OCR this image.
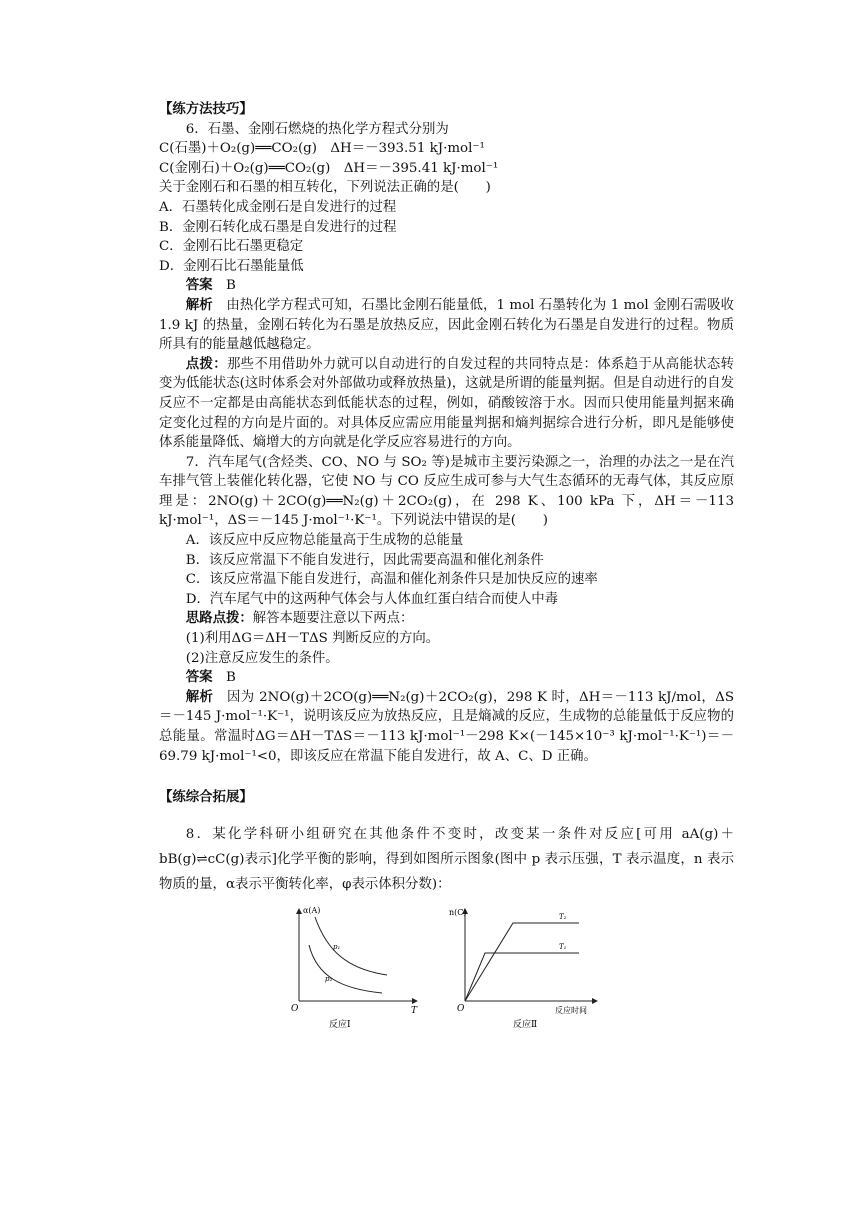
【练方法技巧】
6．石墨、金刚石燃烧的热化学方程式分别为
C(石墨)＋O₂(g)══CO₂(g)　ΔH＝－393.51 kJ·mol⁻¹
C(金刚石)＋O₂(g)══CO₂(g)　ΔH＝－395.41 kJ·mol⁻¹
关于金刚石和石墨的相互转化，下列说法正确的是(　　)
A．石墨转化成金刚石是自发进行的过程
B．金刚石转化成石墨是自发进行的过程
C．金刚石比石墨更稳定
D．金刚石比石墨能量低
答案　 B
解析　 由热化学方程式可知，石墨比金刚石能量低，1 mol 石墨转化为 1 mol 金刚石需吸收 1.9 kJ 的热量，金刚石转化为石墨是放热反应，因此金刚石转化为石墨是自发进行的过程。物质所具有的能量越低越稳定。
点拨：那些不用借助外力就可以自动进行的自发过程的共同特点是：体系趋于从高能状态转变为低能状态(这时体系会对外部做功或释放热量)，这就是所谓的能量判据。但是自动进行的自发反应不一定都是由高能状态到低能状态的过程，例如，硝酸铵溶于水。因而只使用能量判据来确定变化过程的方向是片面的。对具体反应需应用能量判据和熵判据综合进行分析，即凡是能够使体系能量降低、熵增大的方向就是化学反应容易进行的方向。
7．汽车尾气(含烃类、CO、NO 与 SO₂ 等)是城市主要污染源之一，治理的办法之一是在汽车排气管上装催化转化器，它使 NO 与 CO 反应生成可参与大气生态循环的无毒气体，其反应原理是：2NO(g)＋2CO(g)══N₂(g)＋2CO₂(g)，在 298 K、100 kPa 下，ΔH＝－113 kJ·mol⁻¹，ΔS＝－145 J·mol⁻¹·K⁻¹。下列说法中错误的是(　　)
A．该反应中反应物总能量高于生成物的总能量
B．该反应常温下不能自发进行，因此需要高温和催化剂条件
C．该反应常温下能自发进行，高温和催化剂条件只是加快反应的速率
D．汽车尾气中的这两种气体会与人体血红蛋白结合而使人中毒
思路点拨：解答本题要注意以下两点：
(1)利用ΔG＝ΔH－TΔS 判断反应的方向。
(2)注意反应发生的条件。
答案　 B
解析　 因为 2NO(g)＋2CO(g)══N₂(g)＋2CO₂(g)，298 K 时，ΔH＝－113 kJ/mol，ΔS＝－145 J·mol⁻¹·K⁻¹，说明该反应为放热反应，且是熵减的反应，生成物的总能量低于反应物的总能量。常温时ΔG＝ΔH－TΔS＝－113 kJ·mol⁻¹－298 K×(－145×10⁻³ kJ·mol⁻¹·K⁻¹)＝－69.79 kJ·mol⁻¹<0，即该反应在常温下能自发进行，故 A、C、D 正确。
【练综合拓展】
8．某化学科研小组研究在其他条件不变时，改变某一条件对反应[可用 aA(g)＋bB(g)⇌cC(g)表示]化学平衡的影响，得到如图所示图象(图中 p 表示压强，T 表示温度，n 表示物质的量，α表示平衡转化率，φ表示体积分数)：
α(A)
T
O
p₁
p₂
反应Ⅰ
n(C)
反应时间
O
T₂
T₁
反应Ⅱ
